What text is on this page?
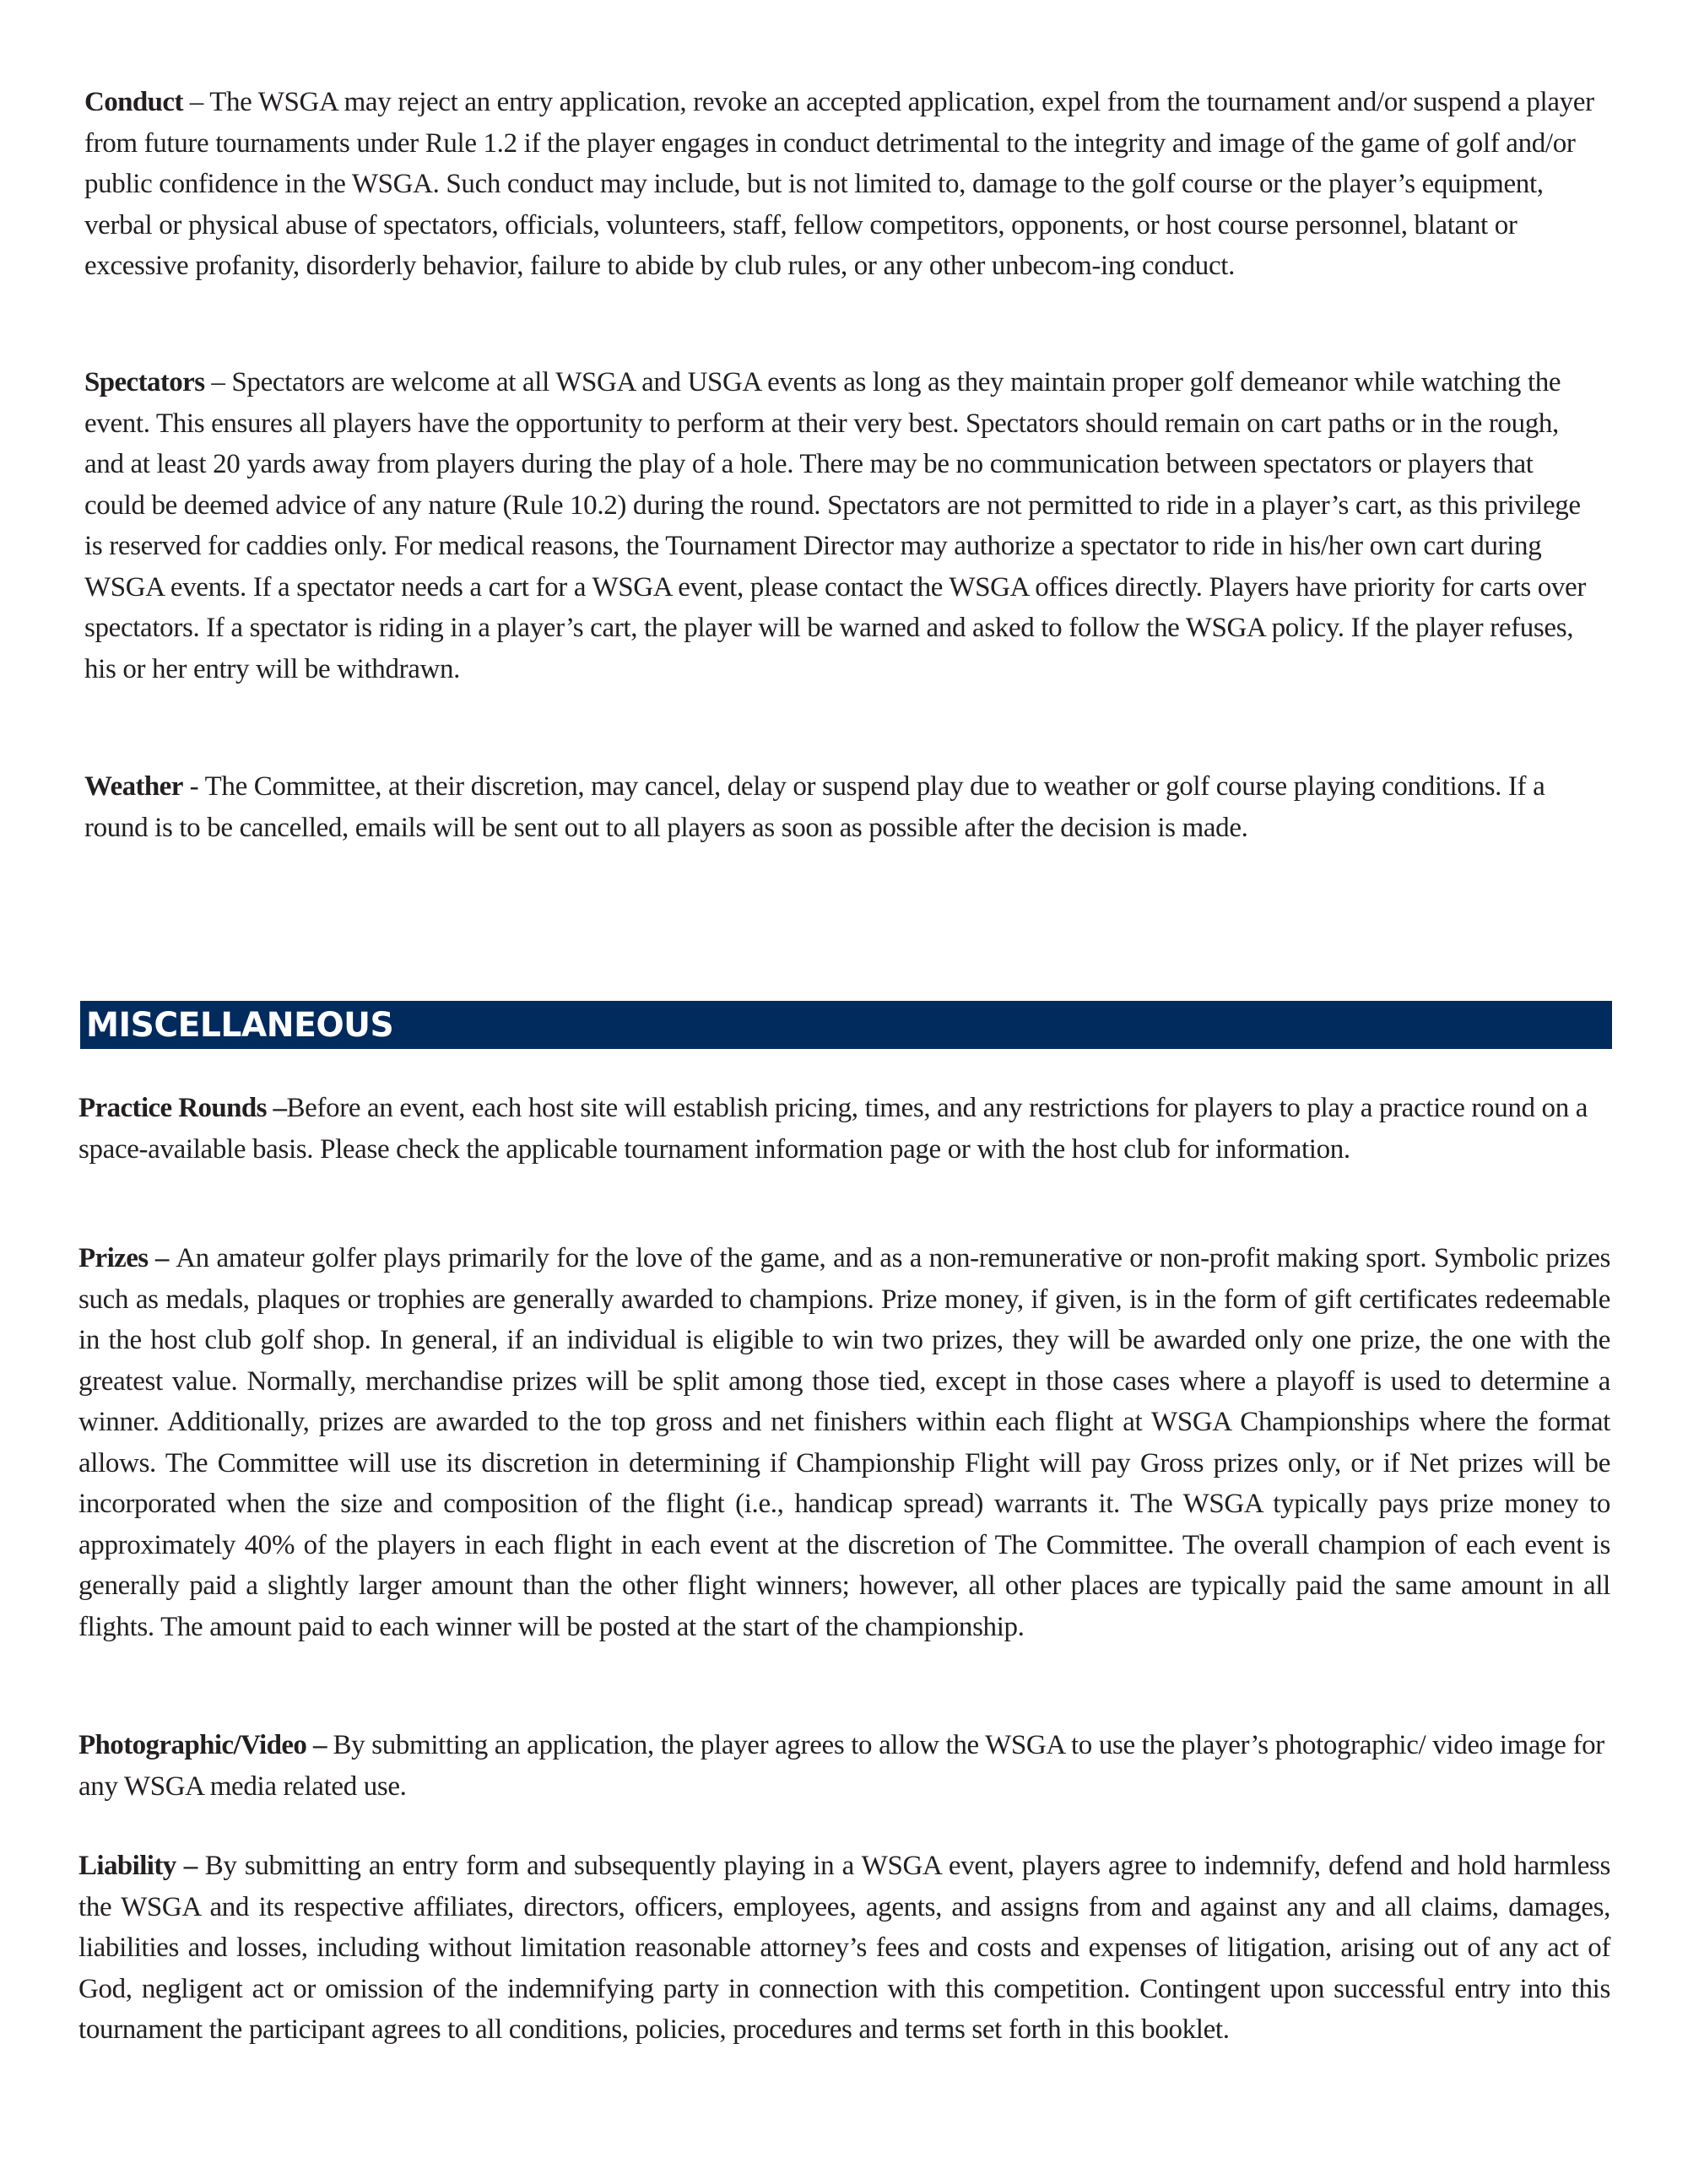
Conduct – The WSGA may reject an entry application, revoke an accepted application, expel from the tournament and/or suspend a player from future tournaments under Rule 1.2 if the player engages in conduct detrimental to the integrity and image of the game of golf and/or public confidence in the WSGA. Such conduct may include, but is not limited to, damage to the golf course or the player’s equipment, verbal or physical abuse of spectators, officials, volunteers, staff, fellow competitors, opponents, or host course personnel, blatant or excessive profanity, disorderly behavior, failure to abide by club rules, or any other unbecom-ing conduct.

Spectators – Spectators are welcome at all WSGA and USGA events as long as they maintain proper golf demeanor while watching the event. This ensures all players have the opportunity to perform at their very best. Spectators should remain on cart paths or in the rough, and at least 20 yards away from players during the play of a hole. There may be no communication between spectators or players that could be deemed advice of any nature (Rule 10.2) during the round. Spectators are not permitted to ride in a player’s cart, as this privilege is reserved for caddies only. For medical reasons, the Tournament Director may authorize a spectator to ride in his/her own cart during WSGA events. If a spectator needs a cart for a WSGA event, please contact the WSGA offices directly. Players have priority for carts over spectators. If a spectator is riding in a player’s cart, the player will be warned and asked to follow the WSGA policy. If the player refuses, his or her entry will be withdrawn.

Weather - The Committee, at their discretion, may cancel, delay or suspend play due to weather or golf course playing conditions. If a round is to be cancelled, emails will be sent out to all players as soon as possible after the decision is made.

MISCELLANEOUS

Practice Rounds –Before an event, each host site will establish pricing, times, and any restrictions for players to play a practice round on a space-available basis. Please check the applicable tournament information page or with the host club for information.

Prizes – An amateur golfer plays primarily for the love of the game, and as a non-remunerative or non-profit making sport. Symbolic prizes such as medals, plaques or trophies are generally awarded to champions. Prize money, if given, is in the form of gift certificates redeemable in the host club golf shop. In general, if an individual is eligible to win two prizes, they will be awarded only one prize, the one with the greatest value. Normally, merchandise prizes will be split among those tied, except in those cases where a playoff is used to determine a winner. Additionally, prizes are awarded to the top gross and net finishers within each flight at WSGA Championships where the format allows. The Committee will use its discretion in determining if Championship Flight will pay Gross prizes only, or if Net prizes will be incorporated when the size and composition of the flight (i.e., handicap spread) warrants it. The WSGA typically pays prize money to approximately 40% of the players in each flight in each event at the discretion of The Committee. The overall champion of each event is generally paid a slightly larger amount than the other flight winners; however, all other places are typically paid the same amount in all flights. The amount paid to each winner will be posted at the start of the championship.

Photographic/Video – By submitting an application, the player agrees to allow the WSGA to use the player’s photographic/ video image for any WSGA media related use.

Liability – By submitting an entry form and subsequently playing in a WSGA event, players agree to indemnify, defend and hold harmless the WSGA and its respective affiliates, directors, officers, employees, agents, and assigns from and against any and all claims, damages, liabilities and losses, including without limitation reasonable attorney’s fees and costs and expenses of litigation, arising out of any act of God, negligent act or omission of the indemnifying party in connection with this competition. Contingent upon successful entry into this tournament the participant agrees to all conditions, policies, procedures and terms set forth in this booklet.
